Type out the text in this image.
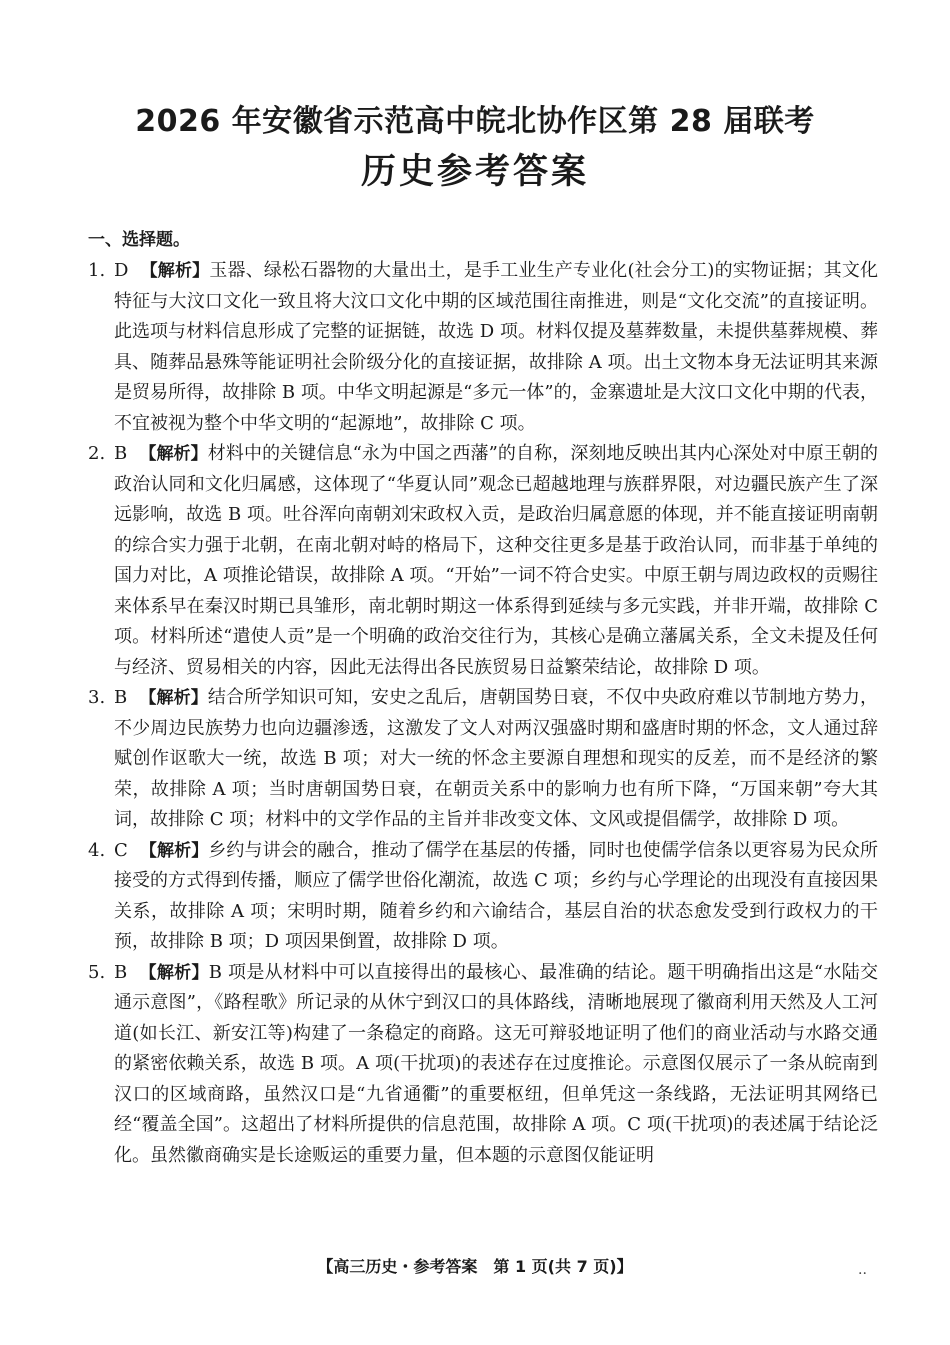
2026 年安徽省示范高中皖北协作区第 28 届联考
历史参考答案
一、选择题。
1. D 【解析】玉器、绿松石器物的大量出土，是手工业生产专业化(社会分工)的实物证据；其文化特征与大汶口文化一致且将大汶口文化中期的区域范围往南推进，则是“文化交流”的直接证明。此选项与材料信息形成了完整的证据链，故选 D 项。材料仅提及墓葬数量，未提供墓葬规模、葬具、随葬品悬殊等能证明社会阶级分化的直接证据，故排除 A 项。出土文物本身无法证明其来源是贸易所得，故排除 B 项。中华文明起源是“多元一体”的，金寨遗址是大汶口文化中期的代表，不宜被视为整个中华文明的“起源地”，故排除 C 项。
2. B 【解析】材料中的关键信息“永为中国之西藩”的自称，深刻地反映出其内心深处对中原王朝的政治认同和文化归属感，这体现了“华夏认同”观念已超越地理与族群界限，对边疆民族产生了深远影响，故选 B 项。吐谷浑向南朝刘宋政权入贡，是政治归属意愿的体现，并不能直接证明南朝的综合实力强于北朝，在南北朝对峙的格局下，这种交往更多是基于政治认同，而非基于单纯的国力对比，A 项推论错误，故排除 A 项。“开始”一词不符合史实。中原王朝与周边政权的贡赐往来体系早在秦汉时期已具雏形，南北朝时期这一体系得到延续与多元实践，并非开端，故排除 C 项。材料所述“遣使人贡”是一个明确的政治交往行为，其核心是确立藩属关系，全文未提及任何与经济、贸易相关的内容，因此无法得出各民族贸易日益繁荣结论，故排除 D 项。
3. B 【解析】结合所学知识可知，安史之乱后，唐朝国势日衰，不仅中央政府难以节制地方势力，不少周边民族势力也向边疆渗透，这激发了文人对两汉强盛时期和盛唐时期的怀念，文人通过辞赋创作讴歌大一统，故选 B 项；对大一统的怀念主要源自理想和现实的反差，而不是经济的繁荣，故排除 A 项；当时唐朝国势日衰，在朝贡关系中的影响力也有所下降，“万国来朝”夸大其词，故排除 C 项；材料中的文学作品的主旨并非改变文体、文风或提倡儒学，故排除 D 项。
4. C 【解析】乡约与讲会的融合，推动了儒学在基层的传播，同时也使儒学信条以更容易为民众所接受的方式得到传播，顺应了儒学世俗化潮流，故选 C 项；乡约与心学理论的出现没有直接因果关系，故排除 A 项；宋明时期，随着乡约和六谕结合，基层自治的状态愈发受到行政权力的干预，故排除 B 项；D 项因果倒置，故排除 D 项。
5. B 【解析】B 项是从材料中可以直接得出的最核心、最准确的结论。题干明确指出这是“水陆交通示意图”，《路程歌》所记录的从休宁到汉口的具体路线，清晰地展现了徽商利用天然及人工河道(如长江、新安江等)构建了一条稳定的商路。这无可辩驳地证明了他们的商业活动与水路交通的紧密依赖关系，故选 B 项。A 项(干扰项)的表述存在过度推论。示意图仅展示了一条从皖南到汉口的区域商路，虽然汉口是“九省通衢”的重要枢纽，但单凭这一条线路，无法证明其网络已经“覆盖全国”。这超出了材料所提供的信息范围，故排除 A 项。C 项(干扰项)的表述属于结论泛化。虽然徽商确实是长途贩运的重要力量，但本题的示意图仅能证明
【高三历史・参考答案　第 1 页(共 7 页)】	..
